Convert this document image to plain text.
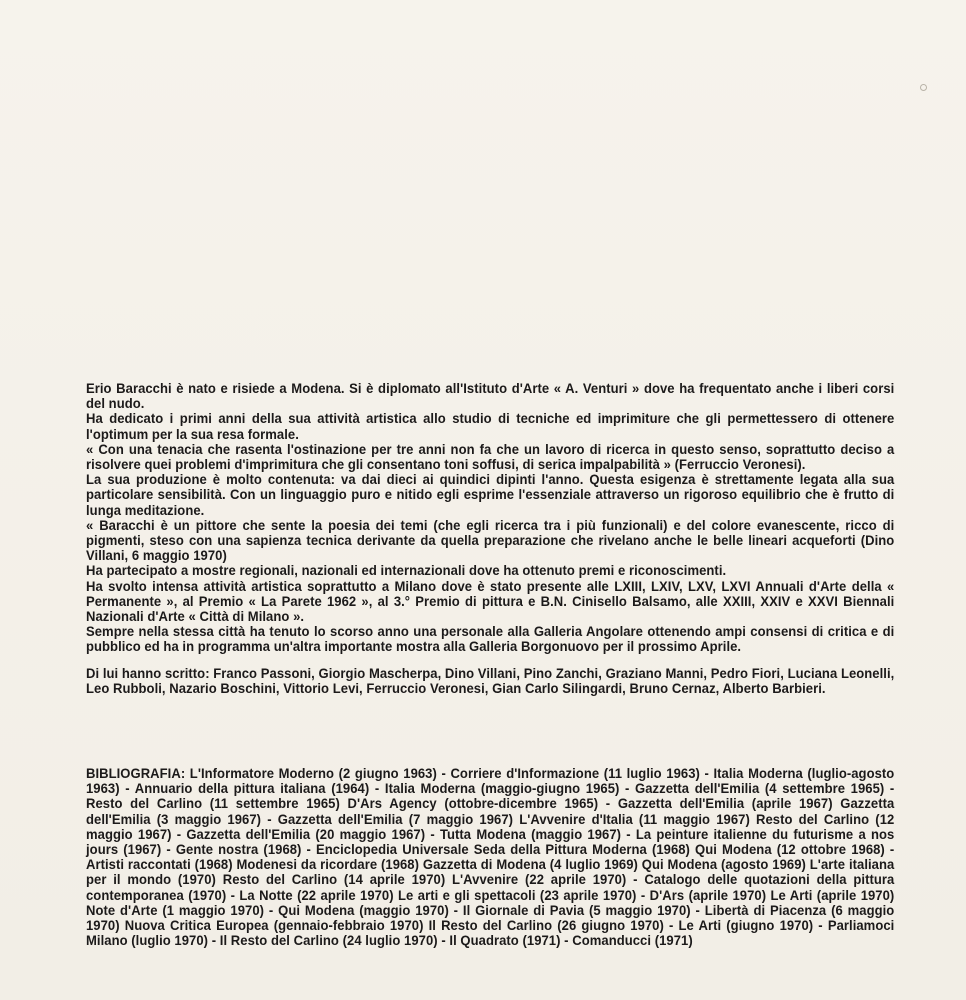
Erio Baracchi è nato e risiede a Modena. Si è diplomato all'Istituto d'Arte « A. Venturi » dove ha frequentato anche i liberi corsi del nudo.

Ha dedicato i primi anni della sua attività artistica allo studio di tecniche ed imprimiture che gli permettessero di ottenere l'optimum per la sua resa formale.

« Con una tenacia che rasenta l'ostinazione per tre anni non fa che un lavoro di ricerca in questo senso, soprattutto deciso a risolvere quei problemi d'imprimitura che gli consentano toni soffusi, di serica impalpabilità » (Ferruccio Veronesi).

La sua produzione è molto contenuta: va dai dieci ai quindici dipinti l'anno. Questa esigenza è strettamente legata alla sua particolare sensibilità. Con un linguaggio puro e nitido egli esprime l'essenziale attraverso un rigoroso equilibrio che è frutto di lunga meditazione.

« Baracchi è un pittore che sente la poesia dei temi (che egli ricerca tra i più funzionali) e del colore evanescente, ricco di pigmenti, steso con una sapienza tecnica derivante da quella preparazione che rivelano anche le belle lineari acqueforti (Dino Villani, 6 maggio 1970)

Ha partecipato a mostre regionali, nazionali ed internazionali dove ha ottenuto premi e riconoscimenti.

Ha svolto intensa attività artistica soprattutto a Milano dove è stato presente alle LXIII, LXIV, LXV, LXVI Annuali d'Arte della « Permanente », al Premio « La Parete 1962 », al 3.° Premio di pittura e B.N. Cinisello Balsamo, alle XXIII, XXIV e XXVI Biennali Nazionali d'Arte « Città di Milano ».

Sempre nella stessa città ha tenuto lo scorso anno una personale alla Galleria Angolare ottenendo ampi consensi di critica e di pubblico ed ha in programma un'altra importante mostra alla Galleria Borgonuovo per il prossimo Aprile.

Di lui hanno scritto: Franco Passoni, Giorgio Mascherpa, Dino Villani, Pino Zanchi, Graziano Manni, Pedro Fiori, Luciana Leonelli, Leo Rubboli, Nazario Boschini, Vittorio Levi, Ferruccio Veronesi, Gian Carlo Silingardi, Bruno Cernaz, Alberto Barbieri.

BIBLIOGRAFIA: L'Informatore Moderno (2 giugno 1963) - Corriere d'Informazione (11 luglio 1963) - Italia Moderna (luglio-agosto 1963) - Annuario della pittura italiana (1964) - Italia Moderna (maggio-giugno 1965) - Gazzetta dell'Emilia (4 settembre 1965) - Resto del Carlino (11 settembre 1965) D'Ars Agency (ottobre-dicembre 1965) - Gazzetta dell'Emilia (aprile 1967) Gazzetta dell'Emilia (3 maggio 1967) - Gazzetta dell'Emilia (7 maggio 1967) L'Avvenire d'Italia (11 maggio 1967) Resto del Carlino (12 maggio 1967) - Gazzetta dell'Emilia (20 maggio 1967) - Tutta Modena (maggio 1967) - La peinture italienne du futurisme a nos jours (1967) - Gente nostra (1968) - Enciclopedia Universale Seda della Pittura Moderna (1968) Qui Modena (12 ottobre 1968) - Artisti raccontati (1968) Modenesi da ricordare (1968) Gazzetta di Modena (4 luglio 1969) Qui Modena (agosto 1969) L'arte italiana per il mondo (1970) Resto del Carlino (14 aprile 1970) L'Avvenire (22 aprile 1970) - Catalogo delle quotazioni della pittura contemporanea (1970) - La Notte (22 aprile 1970) Le arti e gli spettacoli (23 aprile 1970) - D'Ars (aprile 1970) Le Arti (aprile 1970) Note d'Arte (1 maggio 1970) - Qui Modena (maggio 1970) - Il Giornale di Pavia (5 maggio 1970) - Libertà di Piacenza (6 maggio 1970) Nuova Critica Europea (gennaio-febbraio 1970) Il Resto del Carlino (26 giugno 1970) - Le Arti (giugno 1970) - Parliamoci Milano (luglio 1970) - Il Resto del Carlino (24 luglio 1970) - Il Quadrato (1971) - Comanducci (1971)
